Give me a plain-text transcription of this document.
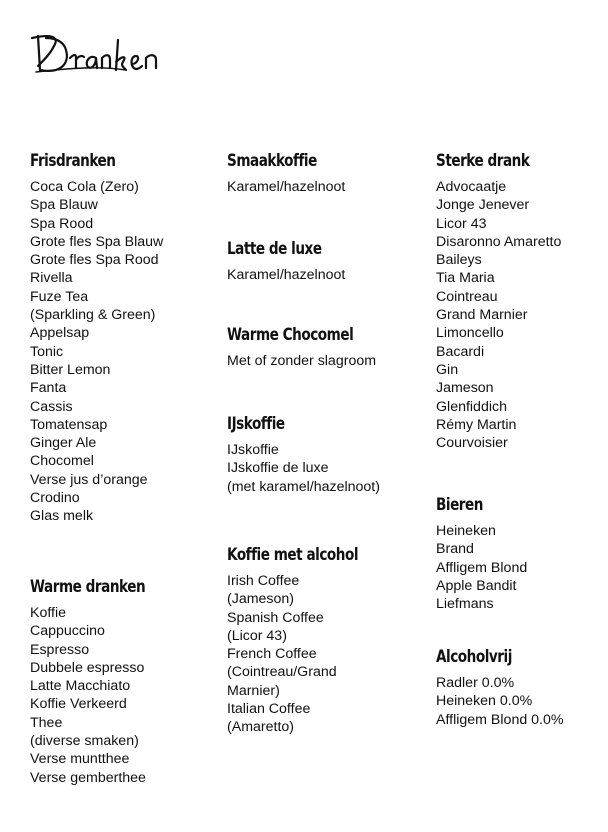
Frisdranken
Coca Cola (Zero)
Spa Blauw
Spa Rood
Grote fles Spa Blauw
Grote fles Spa Rood
Rivella
Fuze Tea
(Sparkling & Green)
Appelsap
Tonic
Bitter Lemon
Fanta
Cassis
Tomatensap
Ginger Ale
Chocomel
Verse jus d’orange
Crodino
Glas melk
Warme dranken
Koffie
Cappuccino
Espresso
Dubbele espresso
Latte Macchiato
Koffie Verkeerd
Thee
(diverse smaken)
Verse muntthee
Verse gemberthee
Smaakkoffie
Karamel/hazelnoot
Latte de luxe
Karamel/hazelnoot
Warme Chocomel
Met of zonder slagroom
IJskoffie
IJskoffie
IJskoffie de luxe
(met karamel/hazelnoot)
Koffie met alcohol
Irish Coffee
(Jameson)
Spanish Coffee
(Licor 43)
French Coffee
(Cointreau/Grand
Marnier)
Italian Coffee
(Amaretto)
Sterke drank
Advocaatje
Jonge Jenever
Licor 43
Disaronno Amaretto
Baileys
Tia Maria
Cointreau
Grand Marnier
Limoncello
Bacardi
Gin
Jameson
Glenfiddich
Rémy Martin
Courvoisier
Bieren
Heineken
Brand
Affligem Blond
Apple Bandit
Liefmans
Alcoholvrij
Radler 0.0%
Heineken 0.0%
Affligem Blond 0.0%
